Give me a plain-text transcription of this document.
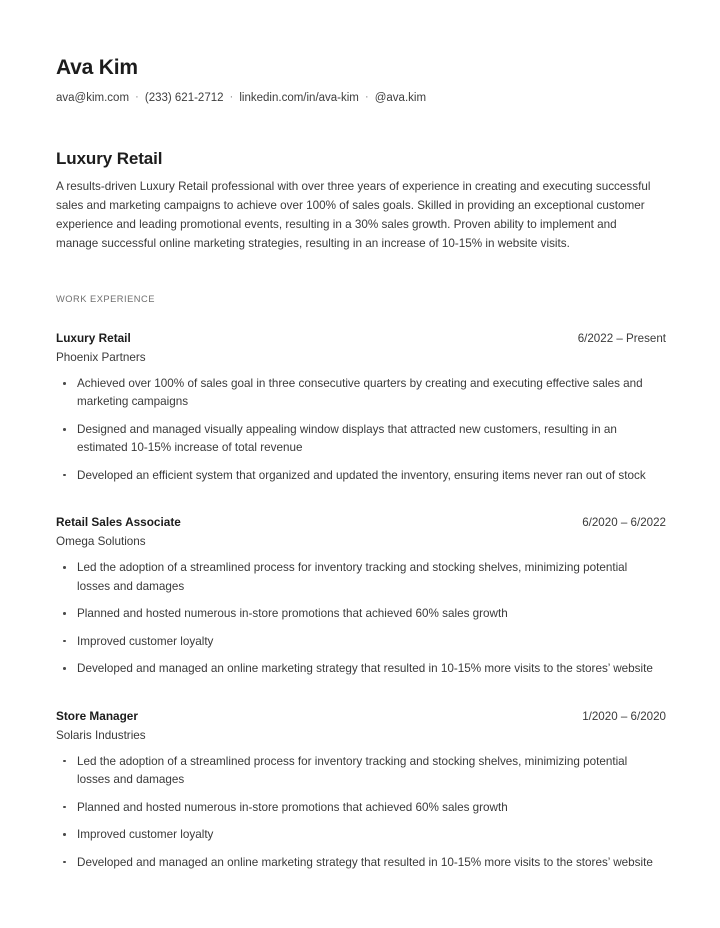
Ava Kim
ava@kim.com · (233) 621-2712 · linkedin.com/in/ava-kim · @ava.kim
Luxury Retail

A results-driven Luxury Retail professional with over three years of experience in creating and executing successful sales and marketing campaigns to achieve over 100% of sales goals. Skilled in providing an exceptional customer experience and leading promotional events, resulting in a 30% sales growth. Proven ability to implement and manage successful online marketing strategies, resulting in an increase of 10-15% in website visits.

WORK EXPERIENCE
Luxury Retail	6/2022 – Present
Phoenix Partners
Achieved over 100% of sales goal in three consecutive quarters by creating and executing effective sales and marketing campaigns
Designed and managed visually appealing window displays that attracted new customers, resulting in an estimated 10-15% increase of total revenue
Developed an efficient system that organized and updated the inventory, ensuring items never ran out of stock
Retail Sales Associate	6/2020 – 6/2022
Omega Solutions
Led the adoption of a streamlined process for inventory tracking and stocking shelves, minimizing potential losses and damages
Planned and hosted numerous in-store promotions that achieved 60% sales growth
Improved customer loyalty
Developed and managed an online marketing strategy that resulted in 10-15% more visits to the stores’ website
Store Manager	1/2020 – 6/2020
Solaris Industries
Led the adoption of a streamlined process for inventory tracking and stocking shelves, minimizing potential losses and damages
Planned and hosted numerous in-store promotions that achieved 60% sales growth
Improved customer loyalty
Developed and managed an online marketing strategy that resulted in 10-15% more visits to the stores’ website
